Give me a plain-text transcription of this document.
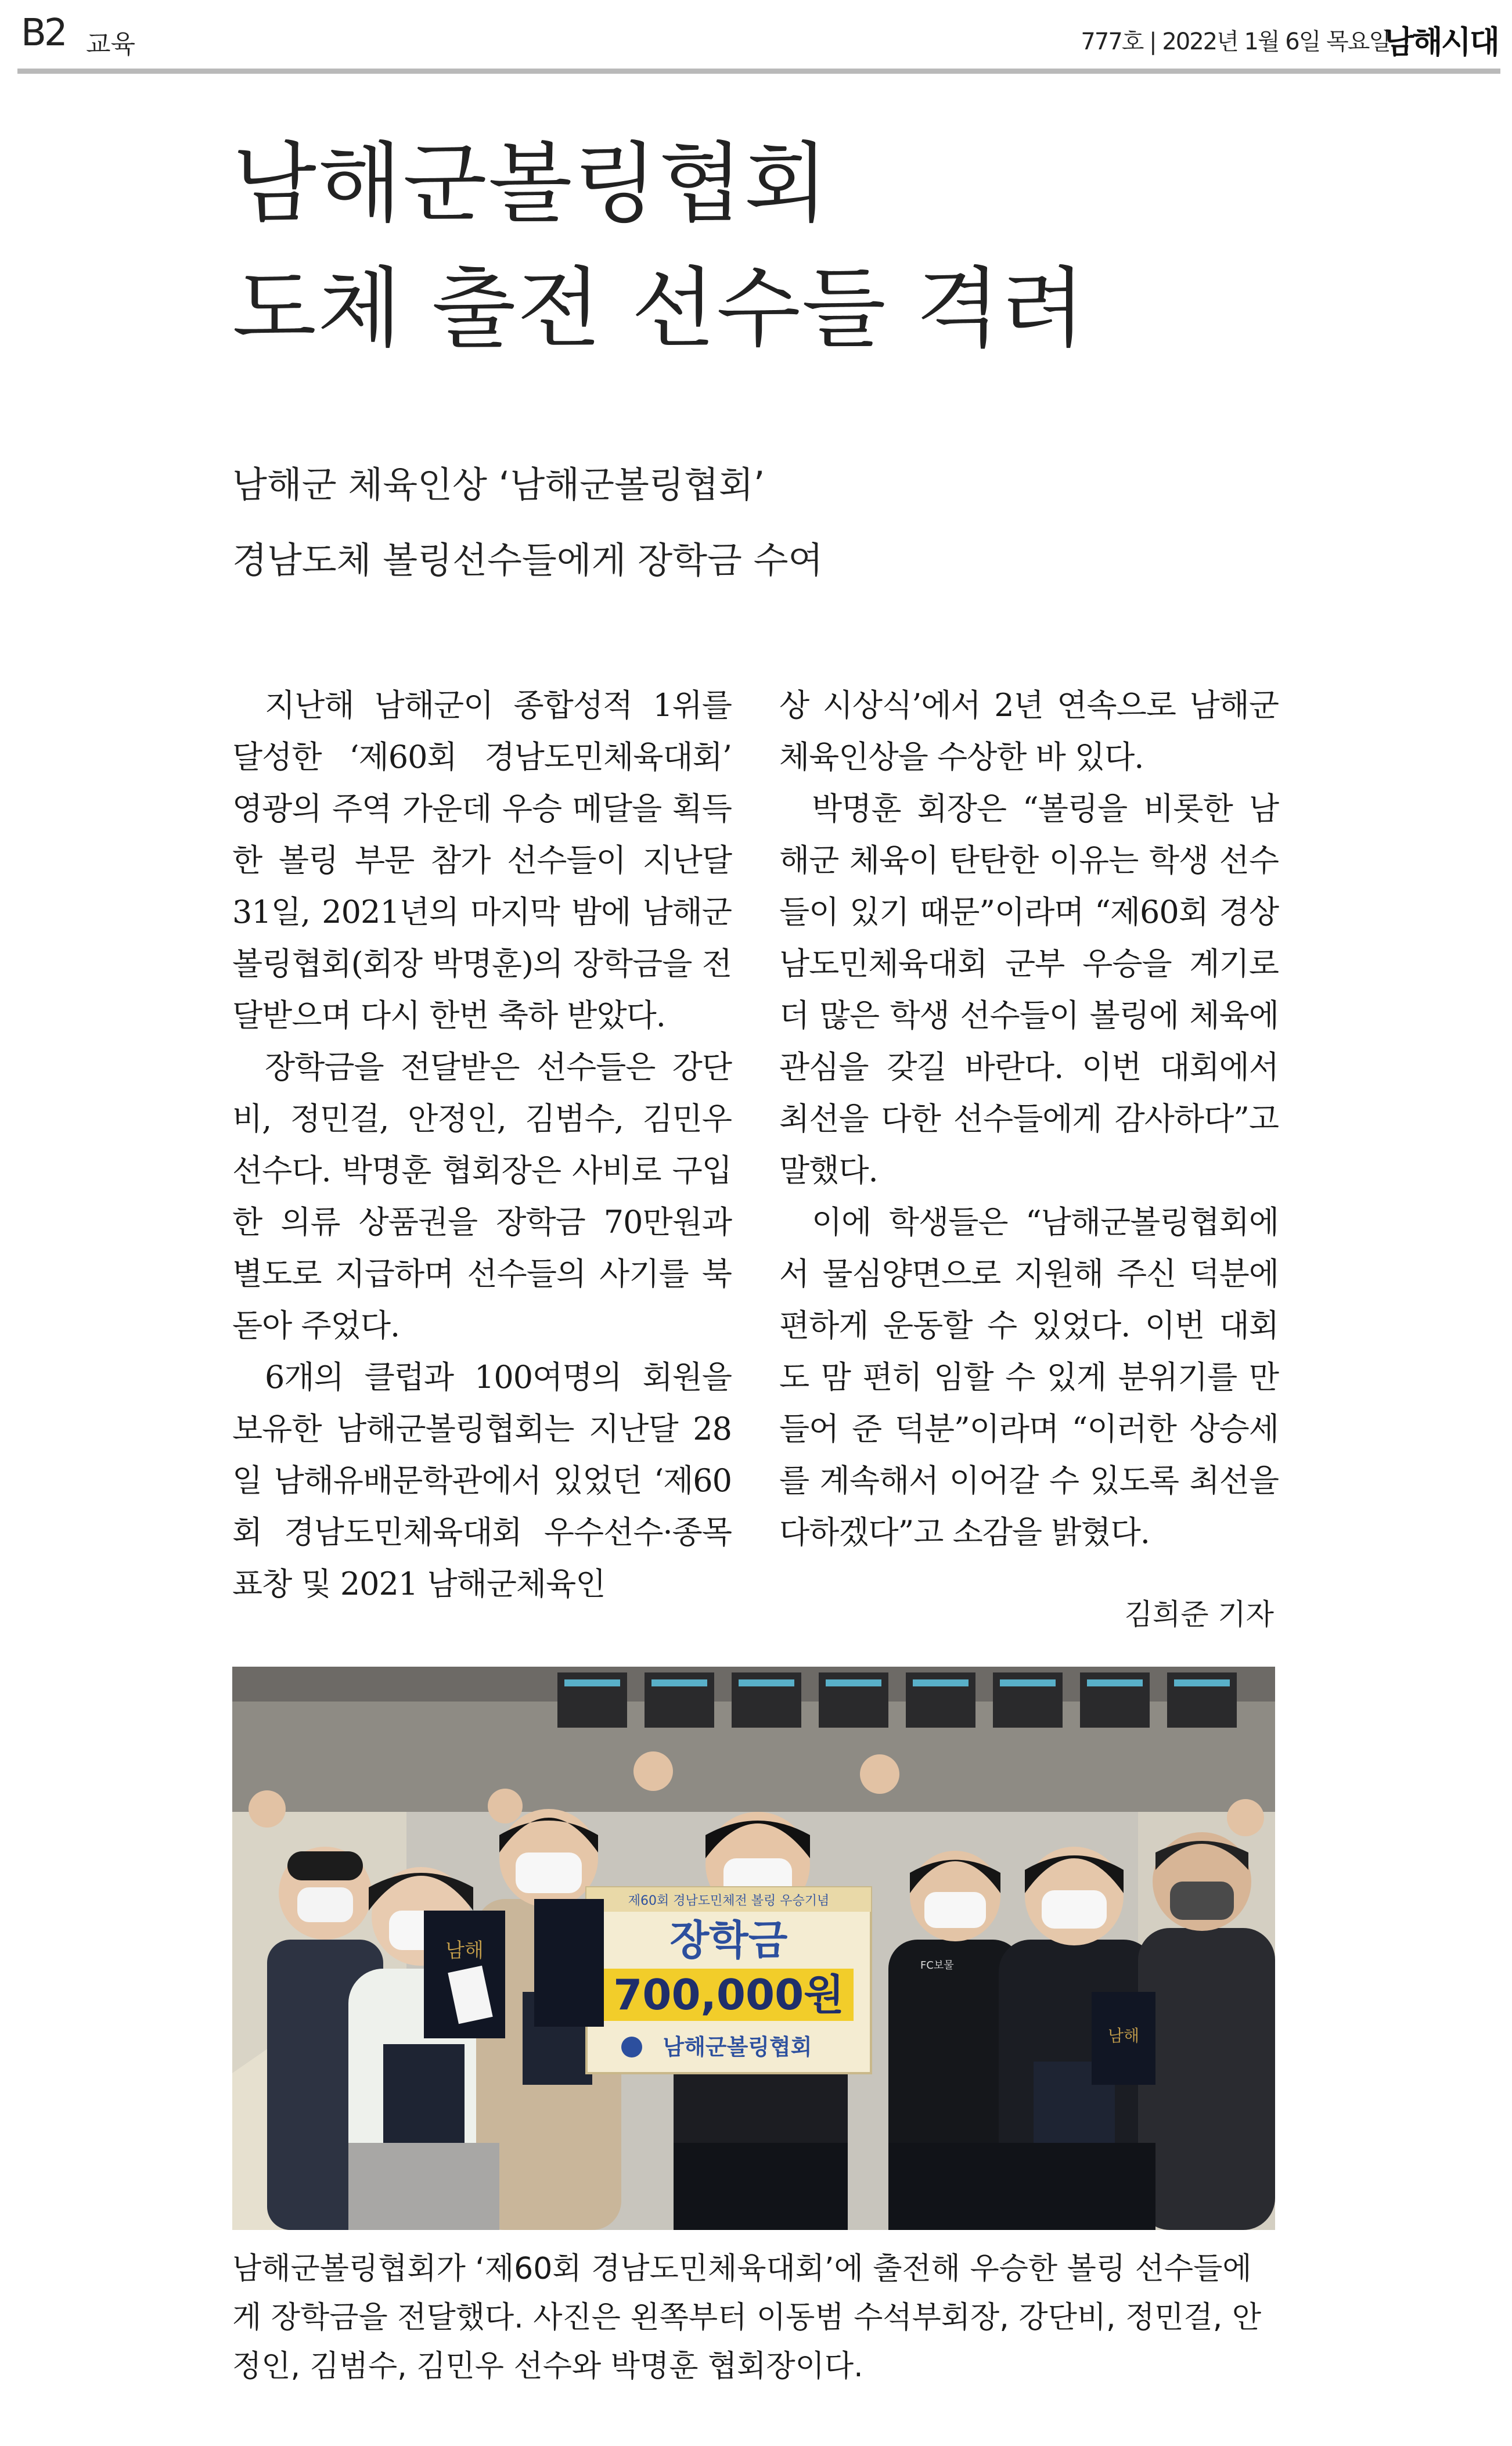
B2 교육	777호 | 2022년 1월 6일 목요일
남해시대
남해군볼링협회
도체 출전 선수들 격려
남해군 체육인상 ‘남해군볼링협회’
경남도체 볼링선수들에게 장학금 수여

지난해 남해군이 종합성적 1위를 달성한 ‘제60회 경남도민체육대회’ 영광의 주역 가운데 우승 메달을 획득한 볼링 부문 참가 선수들이 지난달 31일, 2021년의 마지막 밤에 남해군볼링협회(회장 박명훈)의 장학금을 전달받으며 다시 한번 축하 받았다.

장학금을 전달받은 선수들은 강단비, 정민걸, 안정인, 김범수, 김민우 선수다. 박명훈 협회장은 사비로 구입한 의류 상품권을 장학금 70만원과 별도로 지급하며 선수들의 사기를 북돋아 주었다.

6개의 클럽과 100여명의 회원을 보유한 남해군볼링협회는 지난달 28일 남해유배문학관에서 있었던 ‘제60회 경남도민체육대회 우수선수·종목표창 및 2021 남해군체육인

상 시상식’에서 2년 연속으로 남해군 체육인상을 수상한 바 있다.

박명훈 회장은 “볼링을 비롯한 남해군 체육이 탄탄한 이유는 학생 선수들이 있기 때문”이라며 “제60회 경상남도민체육대회 군부 우승을 계기로 더 많은 학생 선수들이 볼링에 체육에 관심을 갖길 바란다. 이번 대회에서 최선을 다한 선수들에게 감사하다”고 말했다.

이에 학생들은 “남해군볼링협회에서 물심양면으로 지원해 주신 덕분에 편하게 운동할 수 있었다. 이번 대회도 맘 편히 임할 수 있게 분위기를 만들어 준 덕분”이라며 “이러한 상승세를 계속해서 이어갈 수 있도록 최선을 다하겠다”고 소감을 밝혔다.

김희준 기자
제60회 경남도민체전 볼링 우승기념
장학금
700,000원
남해군볼링협회
남해
남해
FC보물
남해군볼링협회가 ‘제60회 경남도민체육대회’에 출전해 우승한 볼링 선수들에
게 장학금을 전달했다. 사진은 왼쪽부터 이동범 수석부회장, 강단비, 정민걸, 안
정인, 김범수, 김민우 선수와 박명훈 협회장이다.
